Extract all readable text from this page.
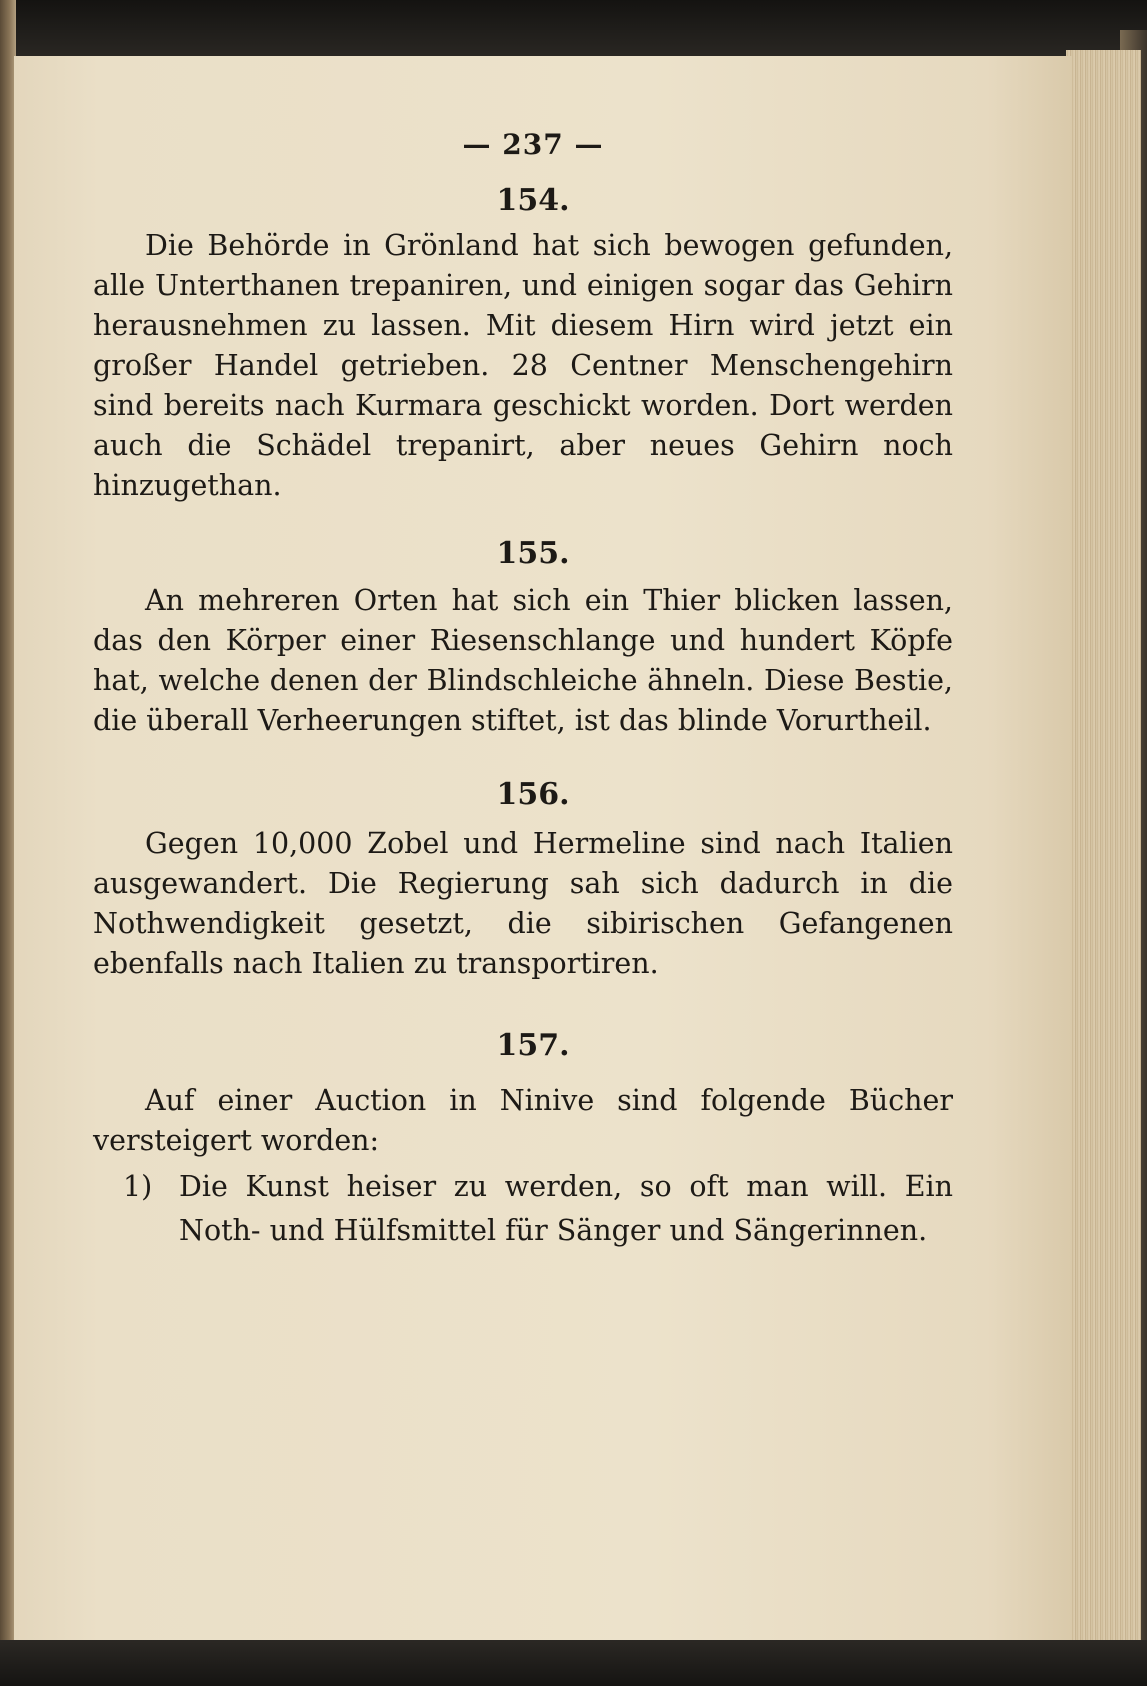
— 237 —
154.

Die Behörde in Grönland hat sich bewogen gefunden, alle Unterthanen trepaniren, und einigen sogar das Gehirn herausnehmen zu lassen. Mit diesem Hirn wird jetzt ein großer Handel getrieben. 28 Centner Menschengehirn sind bereits nach Kurmara geschickt worden. Dort werden auch die Schädel trepanirt, aber neues Gehirn noch hinzugethan.

155.

An mehreren Orten hat sich ein Thier blicken lassen, das den Körper einer Riesenschlange und hundert Köpfe hat, welche denen der Blindschleiche ähneln. Diese Bestie, die überall Verheerungen stiftet, ist das blinde Vorurtheil.

156.

Gegen 10,000 Zobel und Hermeline sind nach Italien ausgewandert. Die Regierung sah sich dadurch in die Nothwendigkeit gesetzt, die sibirischen Gefangenen ebenfalls nach Italien zu transportiren.

157.

Auf einer Auction in Ninive sind folgende Bücher versteigert worden:

1) Die Kunst heiser zu werden, so oft man will. Ein Noth- und Hülfsmittel für Sänger und Sängerinnen.
